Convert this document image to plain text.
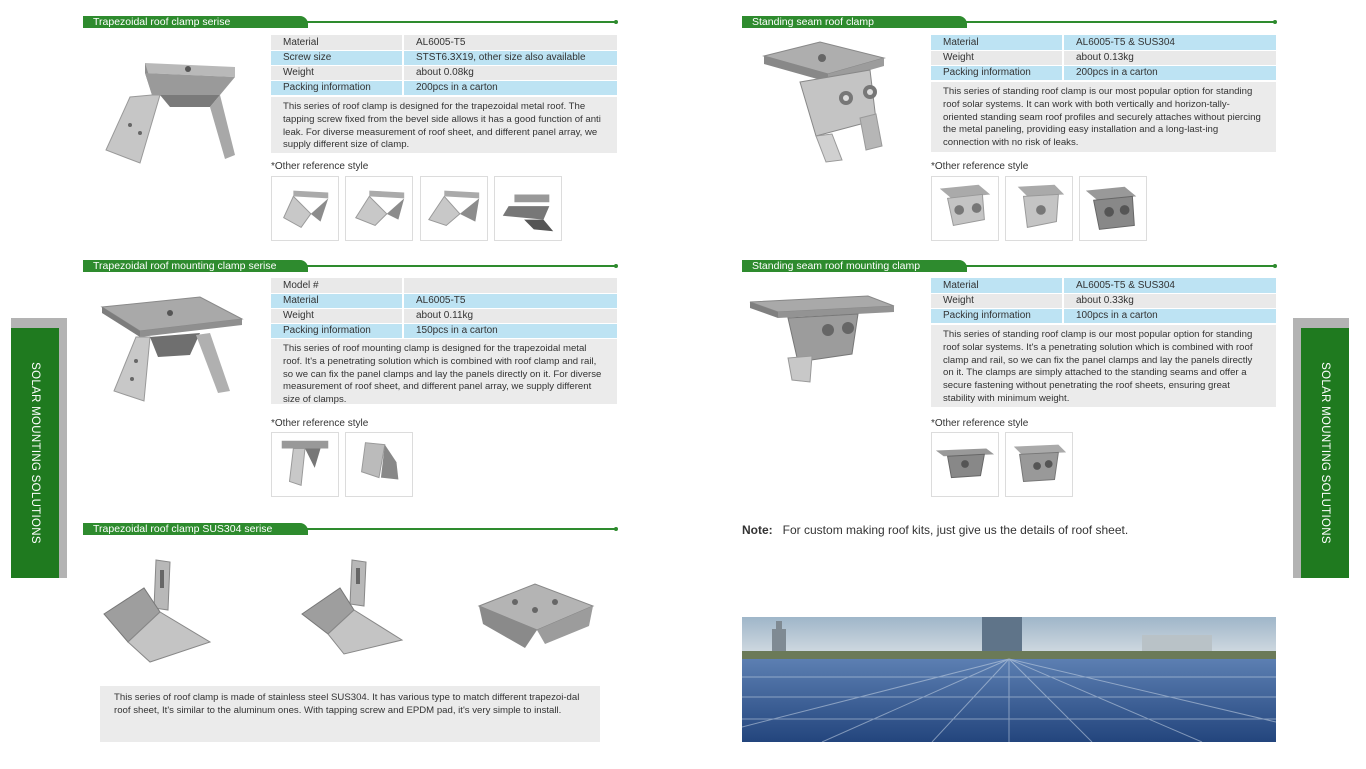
Trapezoidal roof clamp serise
Material	AL6005-T5
Screw size	STST6.3X19, other size also available
Weight	about 0.08kg
Packing information	200pcs in a carton
This series of roof clamp is designed for the trapezoidal metal roof. The tapping screw fixed from the bevel side allows it has a good function of anti leak. For diverse measurement of roof sheet, and different panel array, we supply different size of clamp.
*Other reference style
Trapezoidal roof mounting clamp serise
Model #	
Material	AL6005-T5
Weight	about 0.11kg
Packing information	150pcs in a carton
This series of roof mounting clamp is designed for the trapezoidal metal roof. It's a penetrating solution which is combined with roof clamp and rail, so we can fix the panel clamps and lay the panels directly on it. For diverse measurement of roof sheet, and different panel array, we supply different size of clamps.
*Other reference style
Trapezoidal roof clamp SUS304 serise
This series of roof clamp is made of stainless steel SUS304. It has various type to match different trapezoi-dal roof sheet, It's similar to the aluminum ones. With tapping screw and EPDM pad, it's very simple to install.
SOLAR MOUNTING SOLUTIONS
Standing seam roof clamp
Material	AL6005-T5 & SUS304
Weight	about 0.13kg
Packing information	200pcs in a carton
This series of standing roof clamp is our most popular option for standing roof solar systems. It can work with both vertically and horizon-tally-oriented standing seam roof profiles and securely attaches without piercing the metal paneling, providing easy installation and a long-last-ing connection with no risk of leaks.
*Other reference style
Standing seam roof mounting clamp
Material	AL6005-T5 & SUS304
Weight	about 0.33kg
Packing information	100pcs in a carton
This series of standing roof clamp is our most popular option for standing roof solar systems. It's a penetrating solution which is combined with roof clamp and rail, so we can fix the panel clamps and lay the panels directly on it. The clamps are simply attached to the standing seams and offer a secure fastening without penetrating the roof sheets, ensuring great stability with minimum weight.
*Other reference style
Note: For custom making roof kits, just give us the details of roof sheet.	SOLAR MOUNTING SOLUTIONS
